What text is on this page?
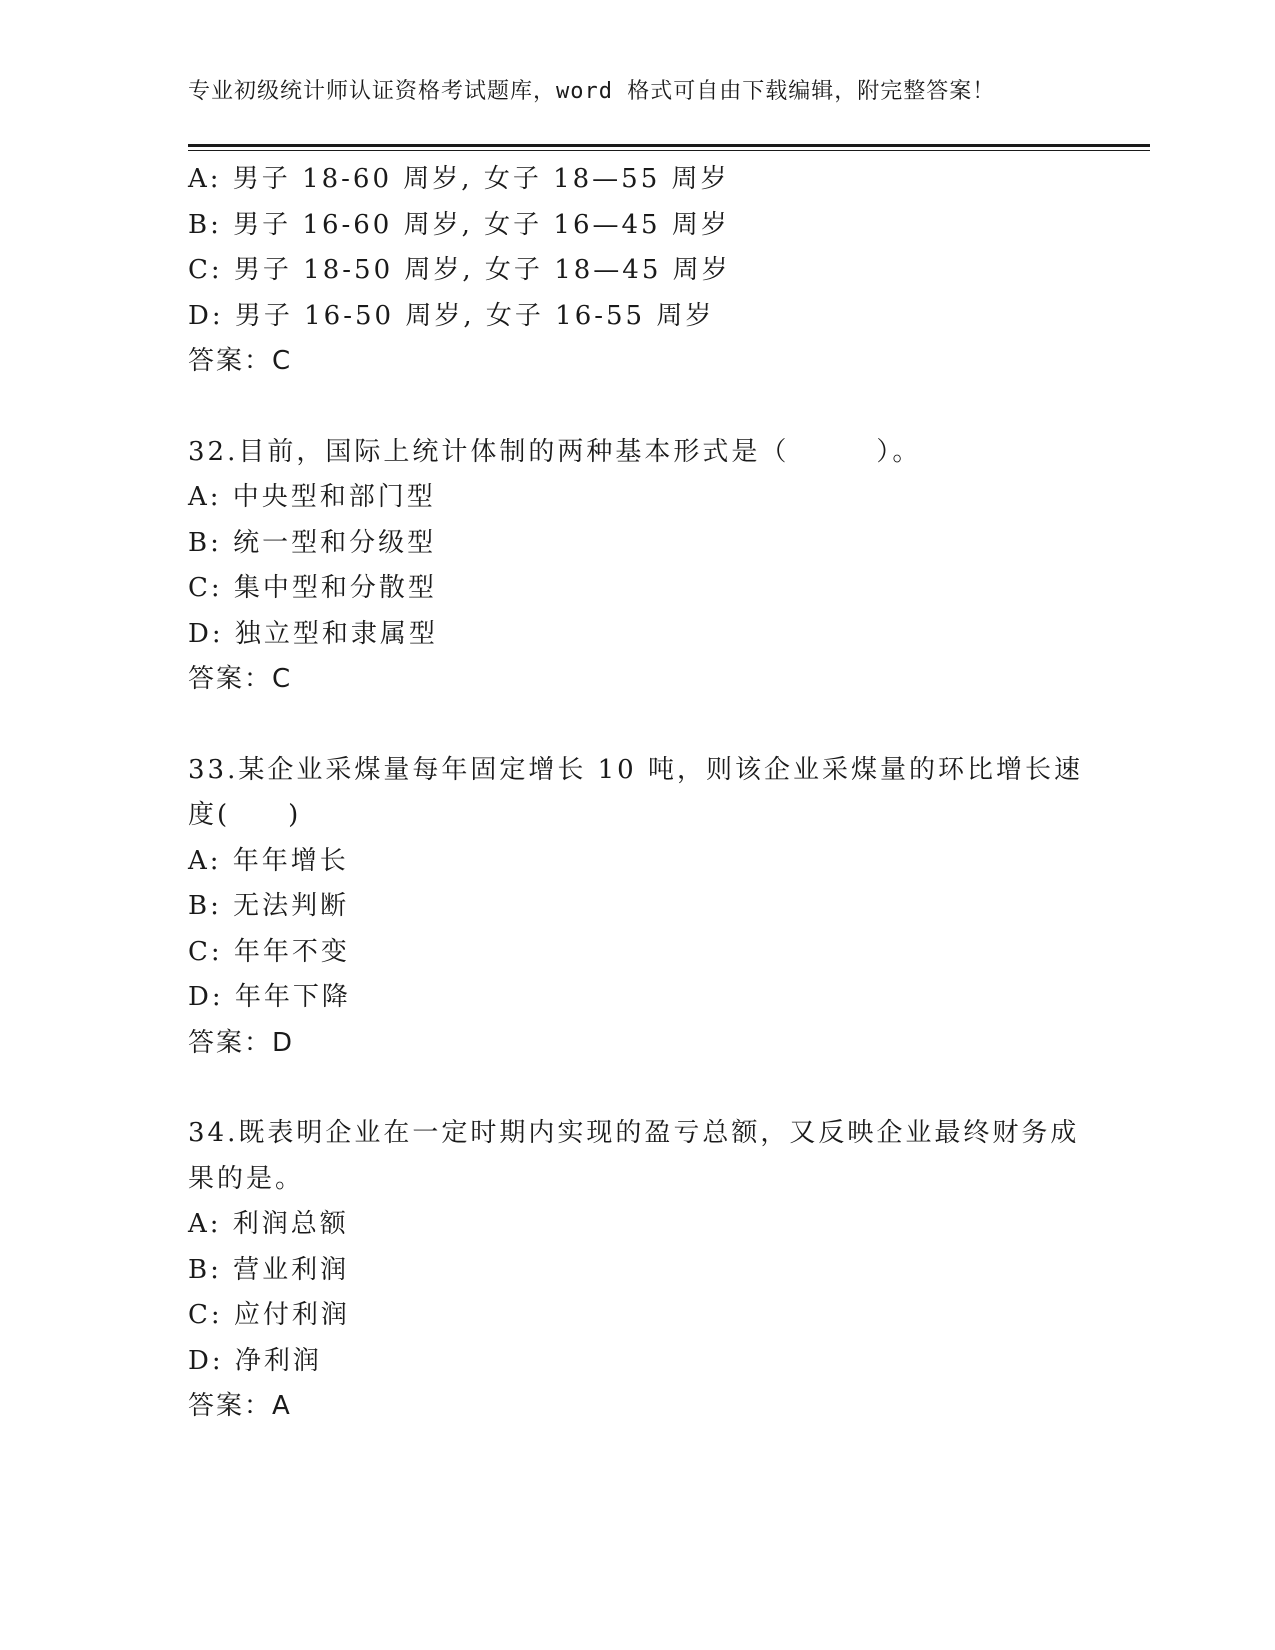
专业初级统计师认证资格考试题库，word 格式可自由下载编辑，附完整答案！
A: 男子 18-60 周岁, 女子 18—55 周岁
B: 男子 16-60 周岁, 女子 16—45 周岁
C: 男子 18-50 周岁, 女子 18—45 周岁
D: 男子 16-50 周岁, 女子 16-55 周岁
答案：C
32.目前，国际上统计体制的两种基本形式是（　　　）。
A: 中央型和部门型
B: 统一型和分级型
C: 集中型和分散型
D: 独立型和隶属型
答案：C
33.某企业采煤量每年固定增长 10 吨，则该企业采煤量的环比增长速
度(　　)
A: 年年增长
B: 无法判断
C: 年年不变
D: 年年下降
答案：D
34.既表明企业在一定时期内实现的盈亏总额，又反映企业最终财务成
果的是。
A: 利润总额
B: 营业利润
C: 应付利润
D: 净利润
答案：A
